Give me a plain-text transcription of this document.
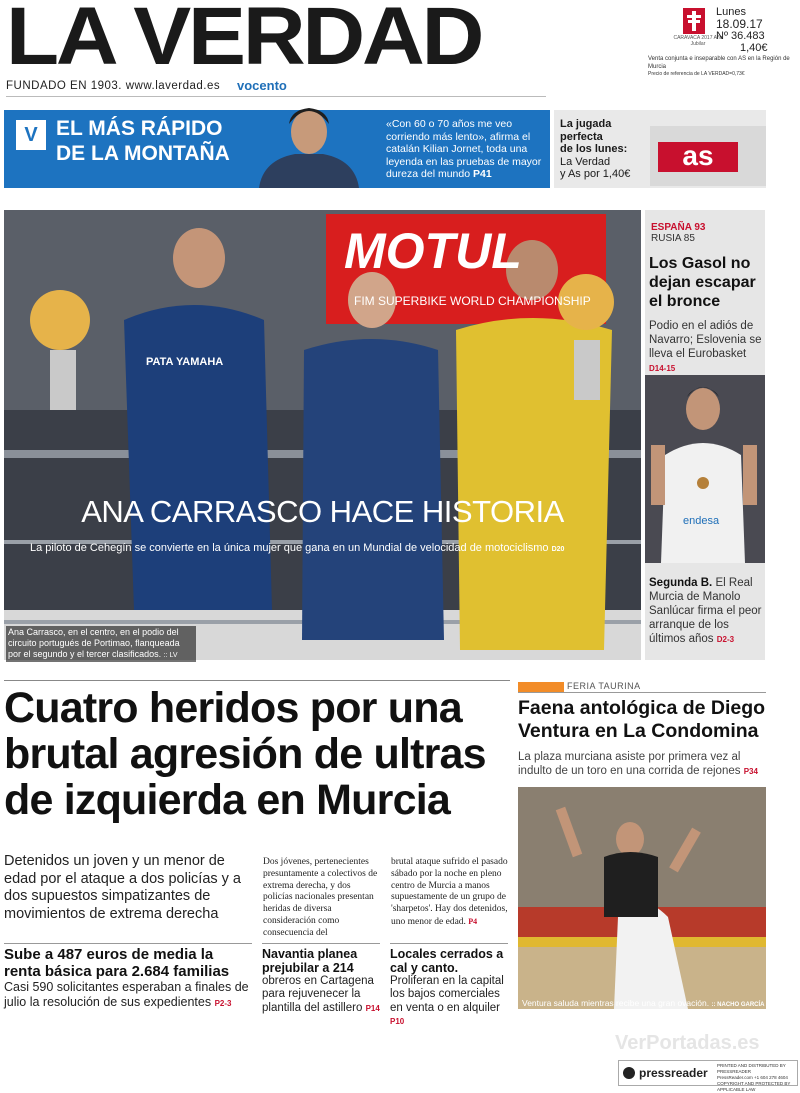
LA VERDAD
FUNDADO EN 1903. www.laverdad.es vocento
CARAVACA 2017 Año Jubilar
Lunes
18.09.17
Nº 36.483
1,40€
Venta conjunta e inseparable con AS en la Región de Murcia
Precio de referencia de LA VERDAD=0,73€
V EL MÁS RÁPIDO
DE LA MONTAÑA
«Con 60 o 70 años me veo corriendo más lento», afirma el catalán Kilian Jornet, toda una leyenda en las pruebas de mayor dureza del mundo P41
La jugada
perfecta
de los lunes:
La Verdad
y As por 1,40€
as
MOTUL
FIM SUPERBIKE WORLD CHAMPIONSHIP
PATA YAMAHA
ANA CARRASCO HACE HISTORIA
La piloto de Cehegín se convierte en la única mujer que gana en un Mundial de velocidad de motociclismo D20
Ana Carrasco, en el centro, en el podio del circuito portugués de Portimao, flanqueada por el segundo y el tercer clasificados. :: LV
ESPAÑA 93
RUSIA 85
Los Gasol no dejan escapar el bronce
Podio en el adiós de Navarro; Eslovenia se lleva el Eurobasket D14-15
endesa
Segunda B. El Real Murcia de Manolo Sanlúcar firma el peor arranque de los últimos años D2-3
Cuatro heridos por una brutal agresión de ultras de izquierda en Murcia
Detenidos un joven y un menor de edad por el ataque a dos policías y a dos supuestos simpatizantes de movimientos de extrema derecha
Dos jóvenes, pertenecientes presuntamente a colectivos de extrema derecha, y dos policías nacionales presentan heridas de diversa consideración como consecuencia del
brutal ataque sufrido el pasado sábado por la noche en pleno centro de Murcia a manos supuestamente de un grupo de 'sharpetos'. Hay dos detenidos, uno menor de edad. P4
Sube a 487 euros de media la renta básica para 2.684 familias

Casi 590 solicitantes esperaban a finales de julio la resolución de sus expedientes P2-3

Navantia planea prejubilar a 214

obreros en Cartagena para rejuvenecer la plantilla del astillero P14

Locales cerrados a cal y canto.

Proliferan en la capital los bajos comerciales en venta o en alquiler P10

FERIA TAURINA
Faena antológica de Diego Ventura en La Condomina
La plaza murciana asiste por primera vez al indulto de un toro en una corrida de rejones P34
Ventura saluda mientras recibe una gran ovación. :: NACHO GARCÍA
VerPortadas.es
pressreader
PRINTED AND DISTRIBUTED BY PRESSREADER
PressReader.com +1 604 278 4604
COPYRIGHT AND PROTECTED BY APPLICABLE LAW
